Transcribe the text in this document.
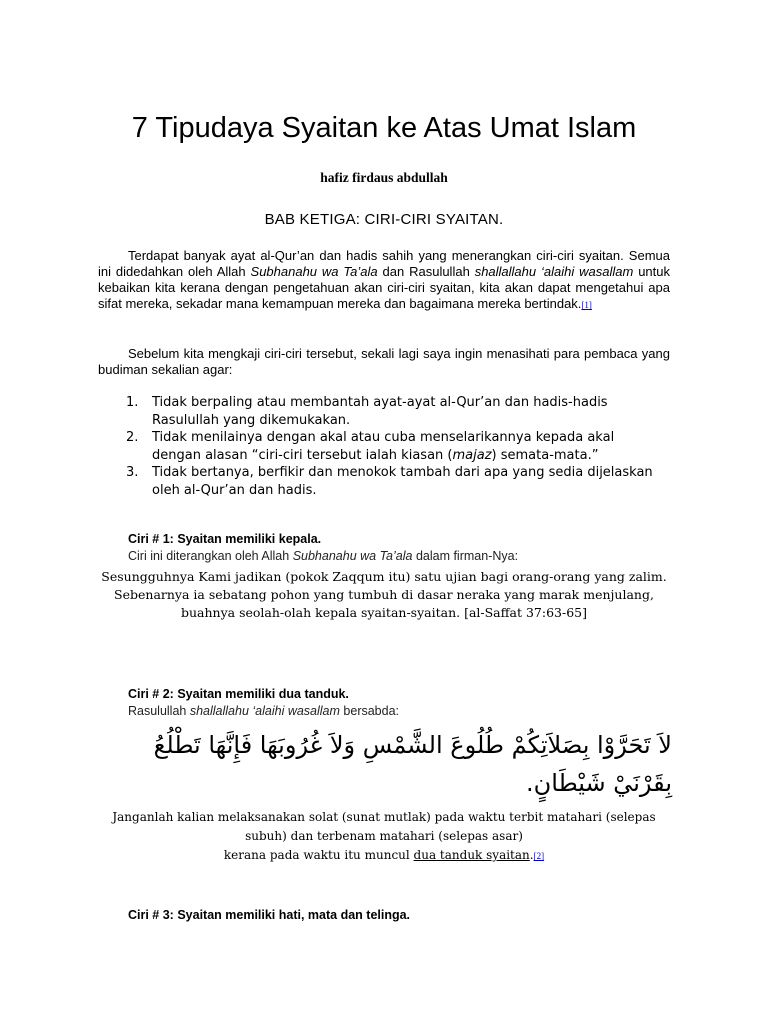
7 Tipudaya Syaitan ke Atas Umat Islam
hafiz firdaus abdullah
BAB KETIGA: CIRI-CIRI SYAITAN.
Terdapat banyak ayat al-Qur’an dan hadis sahih yang menerangkan ciri-ciri syaitan. Semua ini didedahkan oleh Allah Subhanahu wa Ta’ala dan Rasulullah shallallahu ‘alaihi wasallam untuk kebaikan kita kerana dengan pengetahuan akan ciri-ciri syaitan, kita akan dapat mengetahui apa sifat mereka, sekadar mana kemampuan mereka dan bagaimana mereka bertindak.[1]
Sebelum kita mengkaji ciri-ciri tersebut, sekali lagi saya ingin menasihati para pembaca yang budiman sekalian agar:
1. Tidak berpaling atau membantah ayat-ayat al-Qur’an dan hadis-hadis Rasulullah yang dikemukakan.
2. Tidak menilainya dengan akal atau cuba menselarikannya kepada akal dengan alasan “ciri-ciri tersebut ialah kiasan (majaz) semata-mata.”
3. Tidak bertanya, berfikir dan menokok tambah dari apa yang sedia dijelaskan oleh al-Qur’an dan hadis.
Ciri # 1: Syaitan memiliki kepala.
Ciri ini diterangkan oleh Allah Subhanahu wa Ta’ala dalam firman-Nya:
Sesungguhnya Kami jadikan (pokok Zaqqum itu) satu ujian bagi orang-orang yang zalim. Sebenarnya ia sebatang pohon yang tumbuh di dasar neraka yang marak menjulang,
buahnya seolah-olah kepala syaitan-syaitan. [al-Saffat 37:63-65]
Ciri # 2: Syaitan memiliki dua tanduk.
Rasulullah shallallahu ‘alaihi wasallam bersabda:
لاَ تَحَرَّوْا بِصَلاَتِكُمْ طُلُوعَ الشَّمْسِ وَلاَ غُرُوبَهَا فَإِنَّهَا تَطْلُعُ بِقَرْنَيْ شَيْطَانٍ.
Janganlah kalian melaksanakan solat (sunat mutlak) pada waktu terbit matahari (selepas subuh) dan terbenam matahari (selepas asar)
kerana pada waktu itu muncul dua tanduk syaitan.[2]
Ciri # 3: Syaitan memiliki hati, mata dan telinga.
